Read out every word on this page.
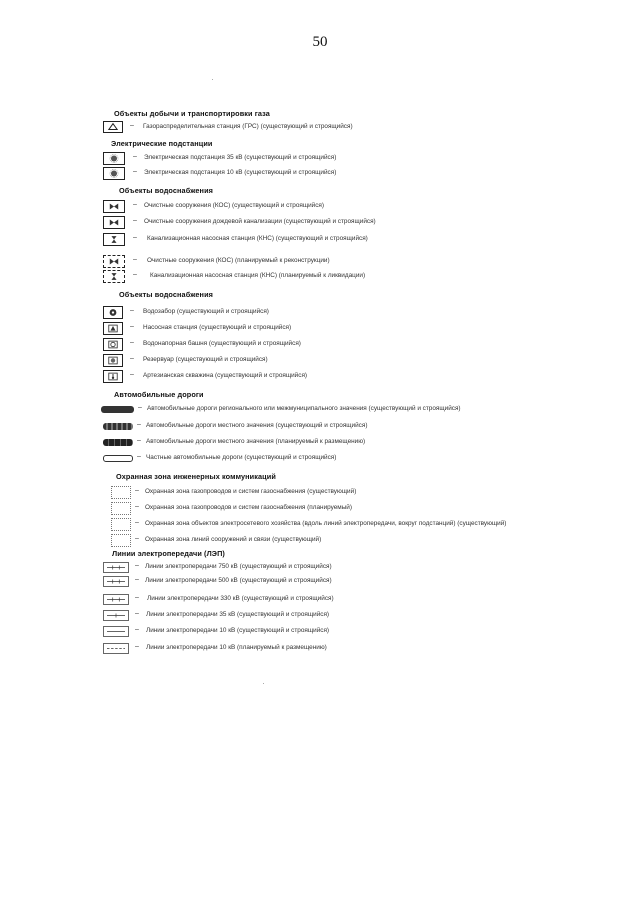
50
Объекты добычи и транспортировки газа
– Газораспределительная станция (ГРС) (существующий и строящийся)
Электрические подстанции
– Электрическая подстанция 35 кВ (существующий и строящийся)
– Электрическая подстанция 10 кВ (существующий и строящийся)
Объекты водоснабжения
– Очистные сооружения (КОС) (существующий и строящийся)
– Очистные сооружения дождевой канализации (существующий и строящийся)
– Канализационная насосная станция (КНС) (существующий и строящийся)
– Очистные сооружения (КОС) (планируемый к реконструкции)
– Канализационная насосная станция (КНС) (планируемый к ликвидации)
Объекты водоснабжения
– Водозабор (существующий и строящийся)
– Насосная станция (существующий и строящийся)
– Водонапорная башня (существующий и строящийся)
– Резервуар (существующий и строящийся)
– Артезианская скважина (существующий и строящийся)
Автомобильные дороги
– Автомобильные дороги регионального или межмуниципального значения (существующий и строящийся)
– Автомобильные дороги местного значения (существующий и строящийся)
– Автомобильные дороги местного значения (планируемый к размещению)
– Частные автомобильные дороги (существующий и строящийся)
Охранная зона инженерных коммуникаций
– Охранная зона газопроводов и систем газоснабжения (существующий)
– Охранная зона газопроводов и систем газоснабжения (планируемый)
– Охранная зона объектов электросетевого хозяйства (вдоль линий электропередачи, вокруг подстанций) (существующий)
– Охранная зона линий сооружений и связи (существующий)
Линии электропередачи (ЛЭП)
– Линии электропередачи 750 кВ (существующий и строящийся)
– Линии электропередачи 500 кВ (существующий и строящийся)
– Линии электропередачи 330 кВ (существующий и строящийся)
– Линии электропередачи 35 кВ (существующий и строящийся)
– Линии электропередачи 10 кВ (существующий и строящийся)
– Линии электропередачи 10 кВ (планируемый к размещению)
